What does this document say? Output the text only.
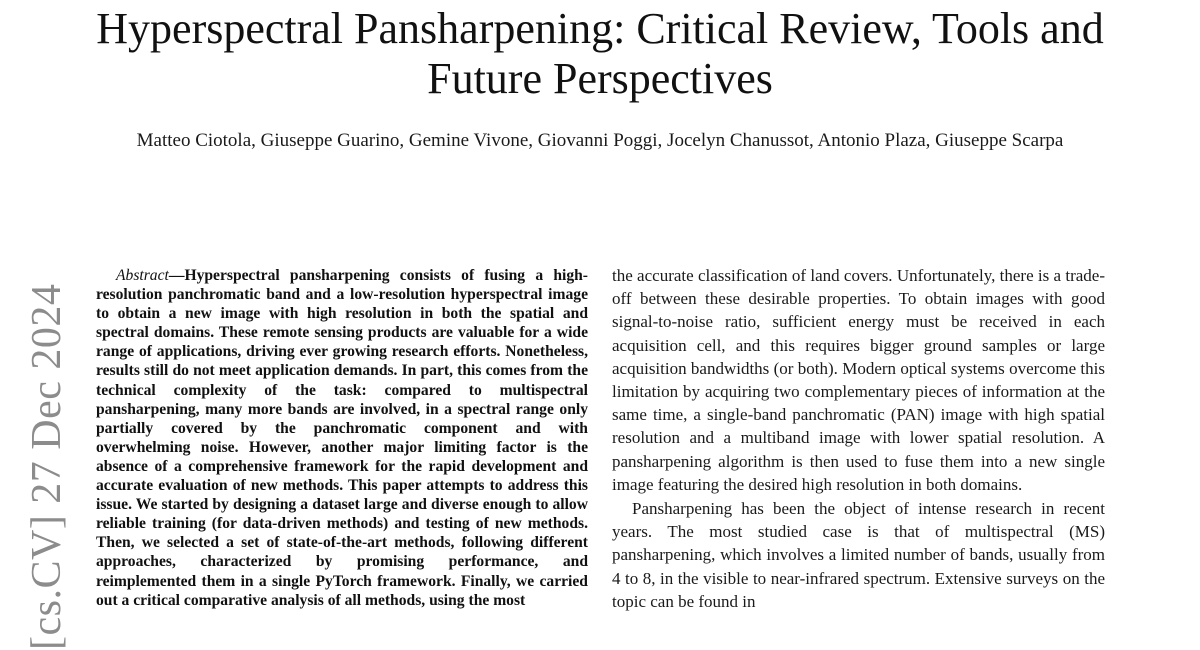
[cs.CV] 27 Dec 2024
Hyperspectral Pansharpening: Critical Review, Tools and Future Perspectives

Matteo Ciotola, Giuseppe Guarino, Gemine Vivone, Giovanni Poggi, Jocelyn Chanussot, Antonio Plaza, Giuseppe Scarpa

Abstract—Hyperspectral pansharpening consists of fusing a high-resolution panchromatic band and a low-resolution hyperspectral image to obtain a new image with high resolution in both the spatial and spectral domains. These remote sensing products are valuable for a wide range of applications, driving ever growing research efforts. Nonetheless, results still do not meet application demands. In part, this comes from the technical complexity of the task: compared to multispectral pansharpening, many more bands are involved, in a spectral range only partially covered by the panchromatic component and with overwhelming noise. However, another major limiting factor is the absence of a comprehensive framework for the rapid development and accurate evaluation of new methods. This paper attempts to address this issue. We started by designing a dataset large and diverse enough to allow reliable training (for data-driven methods) and testing of new methods. Then, we selected a set of state-of-the-art methods, following different approaches, characterized by promising performance, and reimplemented them in a single PyTorch framework. Finally, we carried out a critical comparative analysis of all methods, using the most

the accurate classification of land covers. Unfortunately, there is a trade-off between these desirable properties. To obtain images with good signal-to-noise ratio, sufficient energy must be received in each acquisition cell, and this requires bigger ground samples or large acquisition bandwidths (or both). Modern optical systems overcome this limitation by acquiring two complementary pieces of information at the same time, a single-band panchromatic (PAN) image with high spatial resolution and a multiband image with lower spatial resolution. A pansharpening algorithm is then used to fuse them into a new single image featuring the desired high resolution in both domains.

Pansharpening has been the object of intense research in recent years. The most studied case is that of multispectral (MS) pansharpening, which involves a limited number of bands, usually from 4 to 8, in the visible to near-infrared spectrum. Extensive surveys on the topic can be found in
